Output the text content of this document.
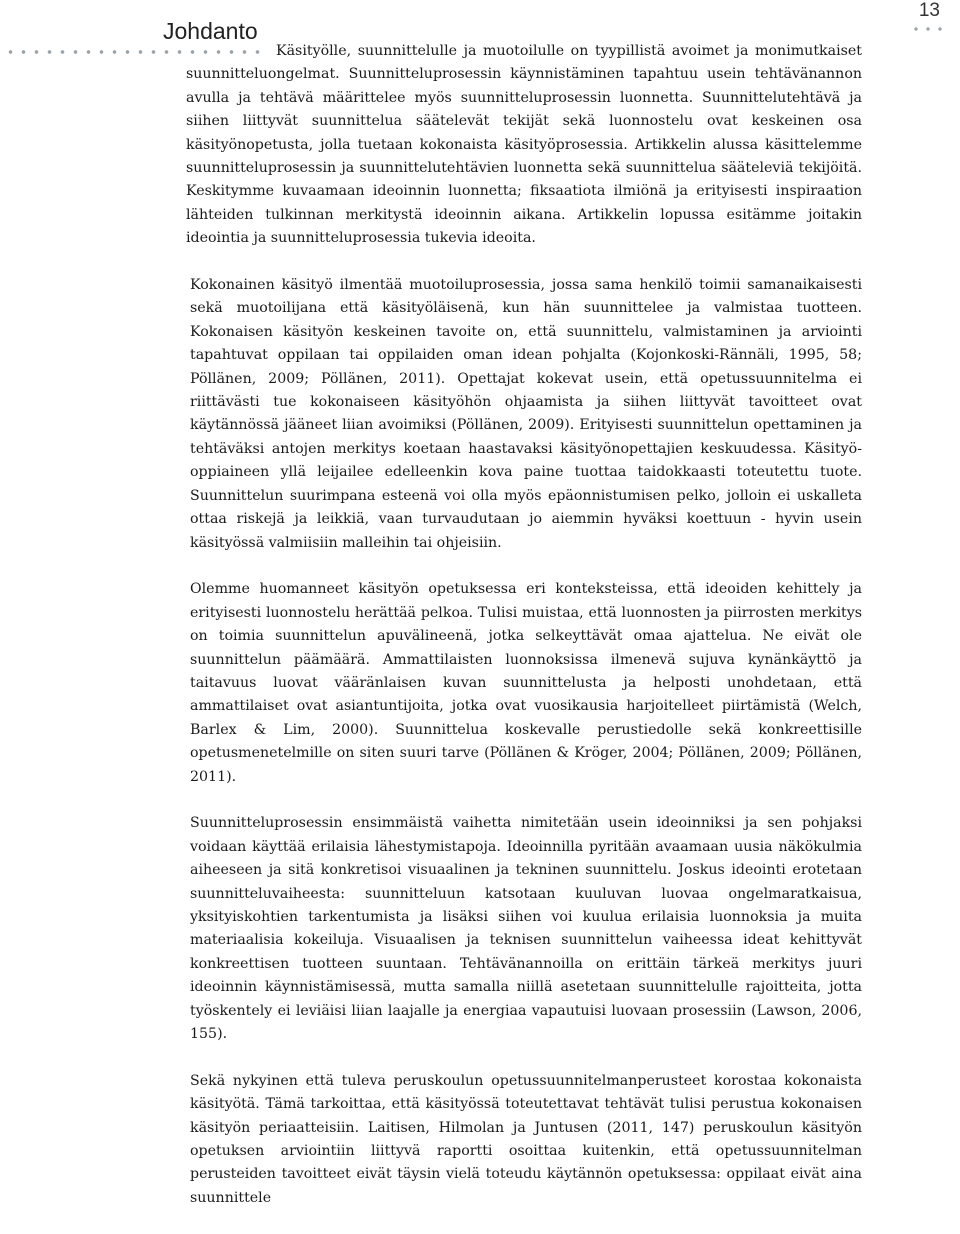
13
Johdanto

Käsityölle, suunnittelulle ja muotoilulle on tyypillistä avoimet ja monimutkaiset suunnitteluongelmat. Suunnitteluprosessin käynnistäminen tapahtuu usein tehtävänannon avulla ja tehtävä määrittelee myös suunnitteluprosessin luonnetta. Suunnittelutehtävä ja siihen liittyvät suunnittelua säätelevät tekijät sekä luonnostelu ovat keskeinen osa käsityönopetusta, jolla tuetaan kokonaista käsityöprosessia. Artikkelin alussa käsittelemme suunnitteluprosessin ja suunnittelutehtävien luonnetta sekä suunnittelua sääteleviä tekijöitä. Keskitymme kuvaamaan ideoinnin luonnetta; fiksaatiota ilmiönä ja erityisesti inspiraation lähteiden tulkinnan merkitystä ideoinnin aikana. Artikkelin lopussa esitämme joitakin ideointia ja suunnitteluprosessia tukevia ideoita.

Kokonainen käsityö ilmentää muotoiluprosessia, jossa sama henkilö toimii samanaikaisesti sekä muotoilijana että käsityöläisenä, kun hän suunnittelee ja valmistaa tuotteen. Kokonaisen käsityön keskeinen tavoite on, että suunnittelu, valmistaminen ja arviointi tapahtuvat oppilaan tai oppilaiden oman idean pohjalta (Kojonkoski-Rännäli, 1995, 58; Pöllänen, 2009; Pöllänen, 2011). Opettajat kokevat usein, että opetussuunnitelma ei riittävästi tue kokonaiseen käsityöhön ohjaamista ja siihen liittyvät tavoitteet ovat käytännössä jääneet liian avoimiksi (Pöllänen, 2009). Erityisesti suunnittelun opettaminen ja tehtäväksi antojen merkitys koetaan haastavaksi käsityönopettajien keskuudessa. Käsityö-oppiaineen yllä leijailee edelleenkin kova paine tuottaa taidokkaasti toteutettu tuote. Suunnittelun suurimpana esteenä voi olla myös epäonnistumisen pelko, jolloin ei uskalleta ottaa riskejä ja leikkiä, vaan turvaudutaan jo aiemmin hyväksi koettuun - hyvin usein käsityössä valmiisiin malleihin tai ohjeisiin.

Olemme huomanneet käsityön opetuksessa eri konteksteissa, että ideoiden kehittely ja erityisesti luonnostelu herättää pelkoa. Tulisi muistaa, että luonnosten ja piirrosten merkitys on toimia suunnittelun apuvälineenä, jotka selkeyttävät omaa ajattelua. Ne eivät ole suunnittelun päämäärä. Ammattilaisten luonnoksissa ilmenevä sujuva kynänkäyttö ja taitavuus luovat vääränlaisen kuvan suunnittelusta ja helposti unohdetaan, että ammattilaiset ovat asiantuntijoita, jotka ovat vuosikausia harjoitelleet piirtämistä (Welch, Barlex & Lim, 2000). Suunnittelua koskevalle perustiedolle sekä konkreettisille opetusmenetelmille on siten suuri tarve (Pöllänen & Kröger, 2004; Pöllänen, 2009; Pöllänen, 2011).

Suunnitteluprosessin ensimmäistä vaihetta nimitetään usein ideoinniksi ja sen pohjaksi voidaan käyttää erilaisia lähestymistapoja. Ideoinnilla pyritään avaamaan uusia näkökulmia aiheeseen ja sitä konkretisoi visuaalinen ja tekninen suunnittelu. Joskus ideointi erotetaan suunnitteluvaiheesta: suunnitteluun katsotaan kuuluvan luovaa ongelmaratkaisua, yksityiskohtien tarkentumista ja lisäksi siihen voi kuulua erilaisia luonnoksia ja muita materiaalisia kokeiluja. Visuaalisen ja teknisen suunnittelun vaiheessa ideat kehittyvät konkreettisen tuotteen suuntaan. Tehtävänannoilla on erittäin tärkeä merkitys juuri ideoinnin käynnistämisessä, mutta samalla niillä asetetaan suunnittelulle rajoitteita, jotta työskentely ei leviäisi liian laajalle ja energiaa vapautuisi luovaan prosessiin (Lawson, 2006, 155).

Sekä nykyinen että tuleva peruskoulun opetussuunnitelmanperusteet korostaa kokonaista käsityötä. Tämä tarkoittaa, että käsityössä toteutettavat tehtävät tulisi perustua kokonaisen käsityön periaatteisiin. Laitisen, Hilmolan ja Juntusen (2011, 147) peruskoulun käsityön opetuksen arviointiin liittyvä raportti osoittaa kuitenkin, että opetussuunnitelman perusteiden tavoitteet eivät täysin vielä toteudu käytännön opetuksessa: oppilaat eivät aina suunnittele
